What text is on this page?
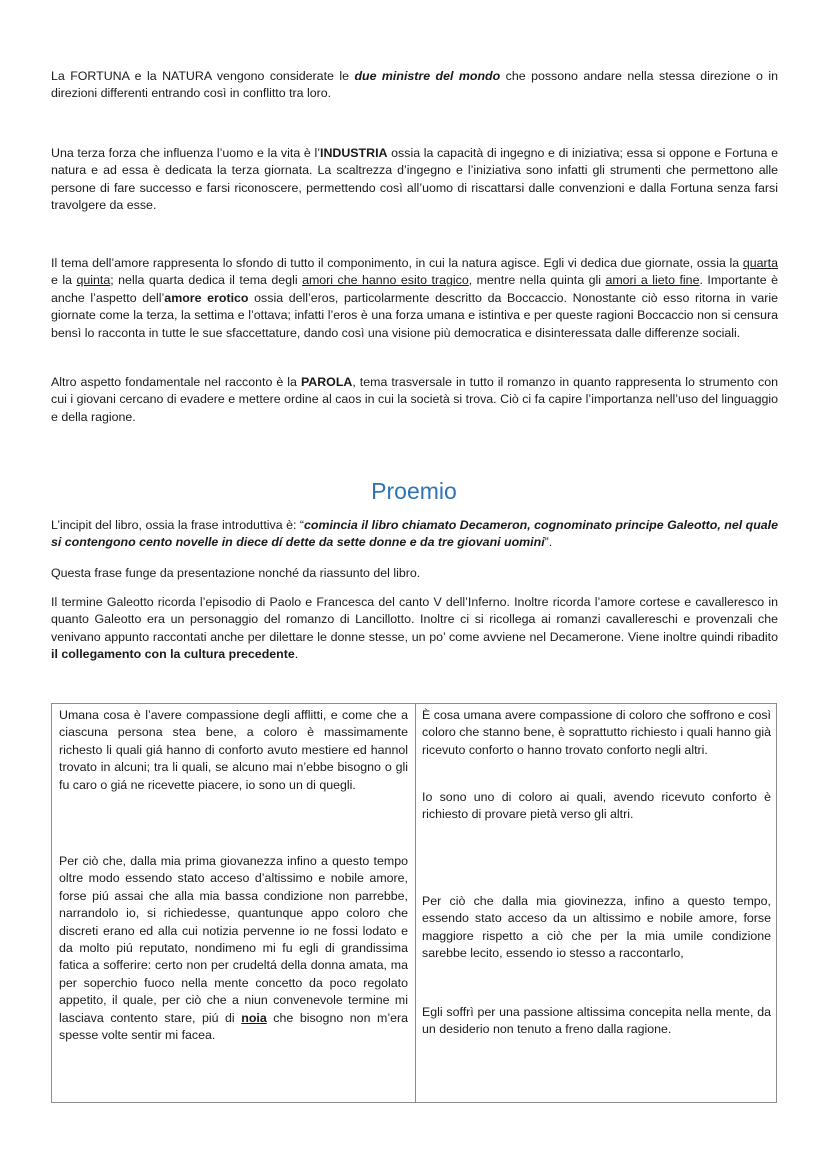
La FORTUNA e la NATURA vengono considerate le due ministre del mondo che possono andare nella stessa direzione o in direzioni differenti entrando così in conflitto tra loro.

Una terza forza che influenza l’uomo e la vita è l’INDUSTRIA ossia la capacità di ingegno e di iniziativa; essa si oppone e Fortuna e natura e ad essa è dedicata la terza giornata. La scaltrezza d’ingegno e l’iniziativa sono infatti gli strumenti che permettono alle persone di fare successo e farsi riconoscere, permettendo così all’uomo di riscattarsi dalle convenzioni e dalla Fortuna senza farsi travolgere da esse.

Il tema dell’amore rappresenta lo sfondo di tutto il componimento, in cui la natura agisce. Egli vi dedica due giornate, ossia la quarta e la quinta; nella quarta dedica il tema degli amori che hanno esito tragico, mentre nella quinta gli amori a lieto fine. Importante è anche l’aspetto dell’amore erotico ossia dell’eros, particolarmente descritto da Boccaccio. Nonostante ciò esso ritorna in varie giornate come la terza, la settima e l’ottava; infatti l’eros è una forza umana e istintiva e per queste ragioni Boccaccio non si censura bensì lo racconta in tutte le sue sfaccettature, dando così una visione più democratica e disinteressata dalle differenze sociali.

Altro aspetto fondamentale nel racconto è la PAROLA, tema trasversale in tutto il romanzo in quanto rappresenta lo strumento con cui i giovani cercano di evadere e mettere ordine al caos in cui la società si trova. Ciò ci fa capire l’importanza nell’uso del linguaggio e della ragione.

Proemio

L’incipit del libro, ossia la frase introduttiva è: “comincia il libro chiamato Decameron, cognominato principe Galeotto, nel quale si contengono cento novelle in diece dí dette da sette donne e da tre giovani uomini”.

Questa frase funge da presentazione nonché da riassunto del libro.

Il termine Galeotto ricorda l’episodio di Paolo e Francesca del canto V dell’Inferno. Inoltre ricorda l’amore cortese e cavalleresco in quanto Galeotto era un personaggio del romanzo di Lancillotto. Inoltre ci si ricollega ai romanzi cavallereschi e provenzali che venivano appunto raccontati anche per dilettare le donne stesse, un po’ come avviene nel Decamerone. Viene inoltre quindi ribadito il collegamento con la cultura precedente.

Umana cosa è l’avere compassione degli afflitti, e come che a ciascuna persona stea bene, a coloro è massimamente richesto li quali giá hanno di conforto avuto mestiere ed hannol trovato in alcuni; tra li quali, se alcuno mai n’ebbe bisogno o gli fu caro o giá ne ricevette piacere, io sono un di quegli.

Per ciò che, dalla mia prima giovanezza infino a questo tempo oltre modo essendo stato acceso d’altissimo e nobile amore, forse piú assai che alla mia bassa condizione non parrebbe, narrandolo io, si richiedesse, quantunque appo coloro che discreti erano ed alla cui notizia pervenne io ne fossi lodato e da molto piú reputato, nondimeno mi fu egli di grandissima fatica a sofferire: certo non per crudeltá della donna amata, ma per soperchio fuoco nella mente concetto da poco regolato appetito, il quale, per ciò che a niun convenevole termine mi lasciava contento stare, piú di noia che bisogno non m’era spesse volte sentir mi facea.

È cosa umana avere compassione di coloro che soffrono e così coloro che stanno bene, è soprattutto richiesto i quali hanno già ricevuto conforto o hanno trovato conforto negli altri.

Io sono uno di coloro ai quali, avendo ricevuto conforto è richiesto di provare pietà verso gli altri.

Per ciò che dalla mia giovinezza, infino a questo tempo, essendo stato acceso da un altissimo e nobile amore, forse maggiore rispetto a ciò che per la mia umile condizione sarebbe lecito, essendo io stesso a raccontarlo,

Egli soffrì per una passione altissima concepita nella mente, da un desiderio non tenuto a freno dalla ragione.
